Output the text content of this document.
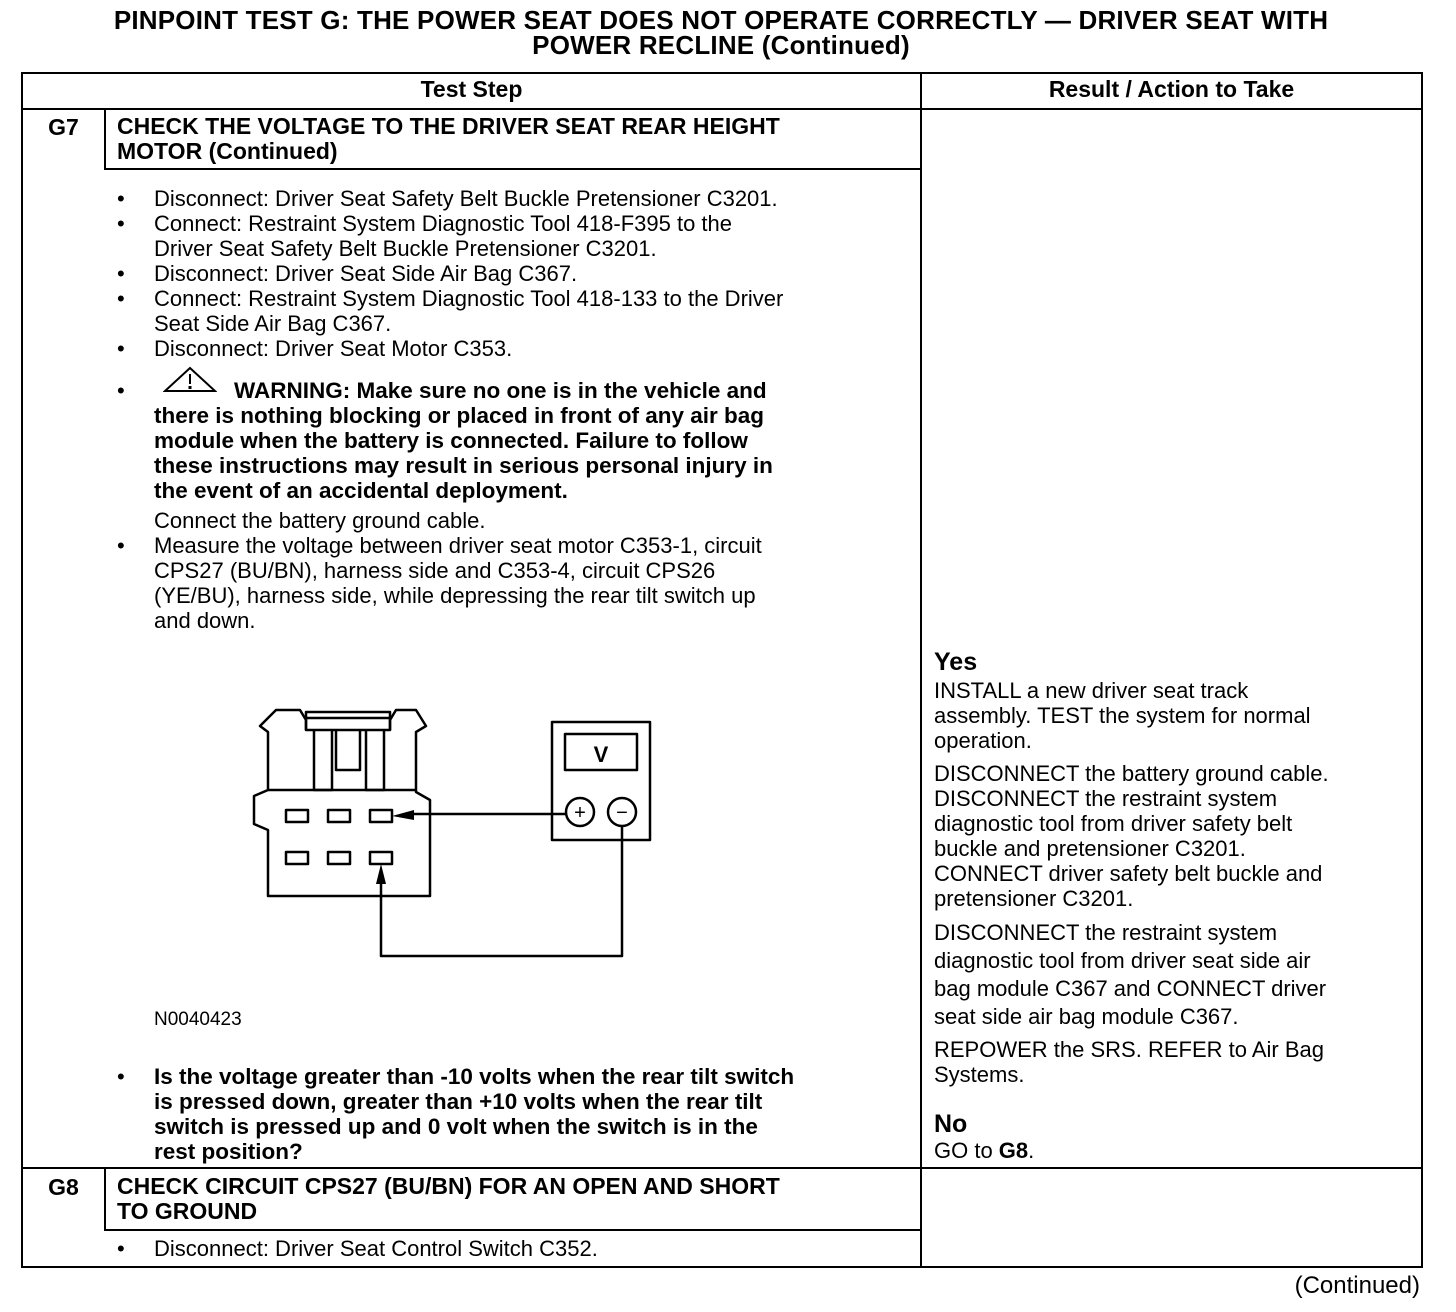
PINPOINT TEST G: THE POWER SEAT DOES NOT OPERATE CORRECTLY — DRIVER SEAT WITH
POWER RECLINE (Continued)
Test Step	Result / Action to Take
G7	CHECK THE VOLTAGE TO THE DRIVER SEAT REAR HEIGHT
MOTOR (Continued)
• Disconnect: Driver Seat Safety Belt Buckle Pretensioner C3201.
• Connect: Restraint System Diagnostic Tool 418-F395 to the
Driver Seat Safety Belt Buckle Pretensioner C3201.
• Disconnect: Driver Seat Side Air Bag C367.
• Connect: Restraint System Diagnostic Tool 418-133 to the Driver
Seat Side Air Bag C367.
• Disconnect: Driver Seat Motor C353.
•	WARNING: Make sure no one is in the vehicle and
there is nothing blocking or placed in front of any air bag
module when the battery is connected. Failure to follow
these instructions may result in serious personal injury in
the event of an accidental deployment.
Connect the battery ground cable.
• Measure the voltage between driver seat motor C353-1, circuit
CPS27 (BU/BN), harness side and C353-4, circuit CPS26
(YE/BU), harness side, while depressing the rear tilt switch up
and down.
V
+ −
N0040423
• Is the voltage greater than -10 volts when the rear tilt switch
is pressed down, greater than +10 volts when the rear tilt
switch is pressed up and 0 volt when the switch is in the
rest position?
Yes
INSTALL a new driver seat track
assembly. TEST the system for normal
operation.
DISCONNECT the battery ground cable.
DISCONNECT the restraint system
diagnostic tool from driver safety belt
buckle and pretensioner C3201.
CONNECT driver safety belt buckle and
pretensioner C3201.
DISCONNECT the restraint system
diagnostic tool from driver seat side air
bag module C367 and CONNECT driver
seat side air bag module C367.
REPOWER the SRS. REFER to Air Bag
Systems.
No
GO to G8.
G8	CHECK CIRCUIT CPS27 (BU/BN) FOR AN OPEN AND SHORT
TO GROUND
• Disconnect: Driver Seat Control Switch C352.
(Continued)
